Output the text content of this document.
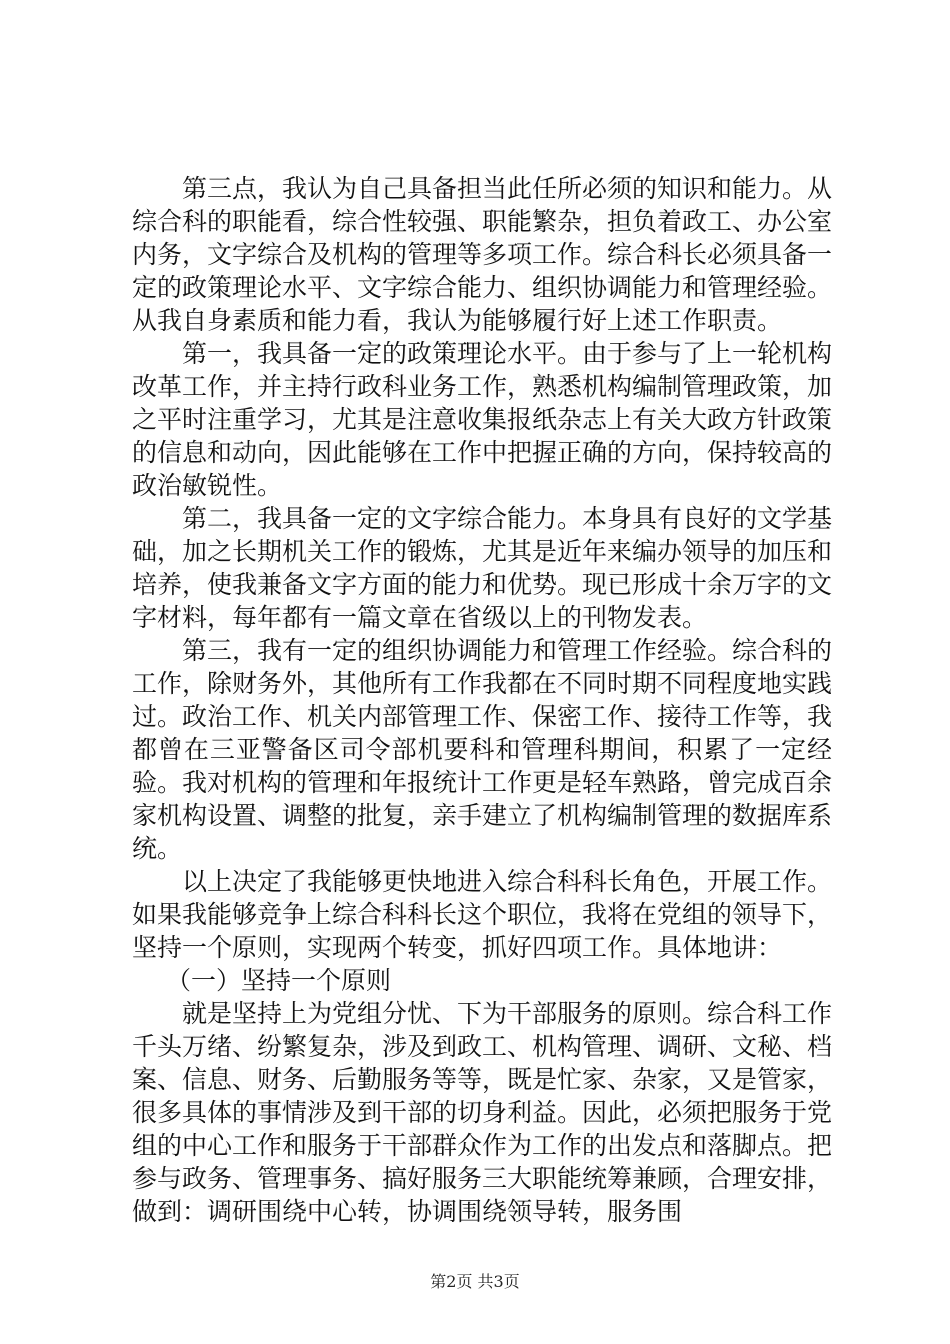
第三点，我认为自己具备担当此任所必须的知识和能力。从综合科的职能看，综合性较强、职能繁杂，担负着政工、办公室内务，文字综合及机构的管理等多项工作。综合科长必须具备一定的政策理论水平、文字综合能力、组织协调能力和管理经验。从我自身素质和能力看，我认为能够履行好上述工作职责。

第一，我具备一定的政策理论水平。由于参与了上一轮机构改革工作，并主持行政科业务工作，熟悉机构编制管理政策，加之平时注重学习，尤其是注意收集报纸杂志上有关大政方针政策的信息和动向，因此能够在工作中把握正确的方向，保持较高的政治敏锐性。

第二，我具备一定的文字综合能力。本身具有良好的文学基础，加之长期机关工作的锻炼，尤其是近年来编办领导的加压和培养，使我兼备文字方面的能力和优势。现已形成十余万字的文字材料，每年都有一篇文章在省级以上的刊物发表。

第三，我有一定的组织协调能力和管理工作经验。综合科的工作，除财务外，其他所有工作我都在不同时期不同程度地实践过。政治工作、机关内部管理工作、保密工作、接待工作等，我都曾在三亚警备区司令部机要科和管理科期间，积累了一定经验。我对机构的管理和年报统计工作更是轻车熟路，曾完成百余家机构设置、调整的批复，亲手建立了机构编制管理的数据库系统。

以上决定了我能够更快地进入综合科科长角色，开展工作。如果我能够竞争上综合科科长这个职位，我将在党组的领导下，坚持一个原则，实现两个转变，抓好四项工作。具体地讲：

（一）坚持一个原则

就是坚持上为党组分忧、下为干部服务的原则。综合科工作千头万绪、纷繁复杂，涉及到政工、机构管理、调研、文秘、档案、信息、财务、后勤服务等等，既是忙家、杂家，又是管家，很多具体的事情涉及到干部的切身利益。因此，必须把服务于党组的中心工作和服务于干部群众作为工作的出发点和落脚点。把参与政务、管理事务、搞好服务三大职能统筹兼顾，合理安排，做到：调研围绕中心转，协调围绕领导转，服务围

第2页 共3页
